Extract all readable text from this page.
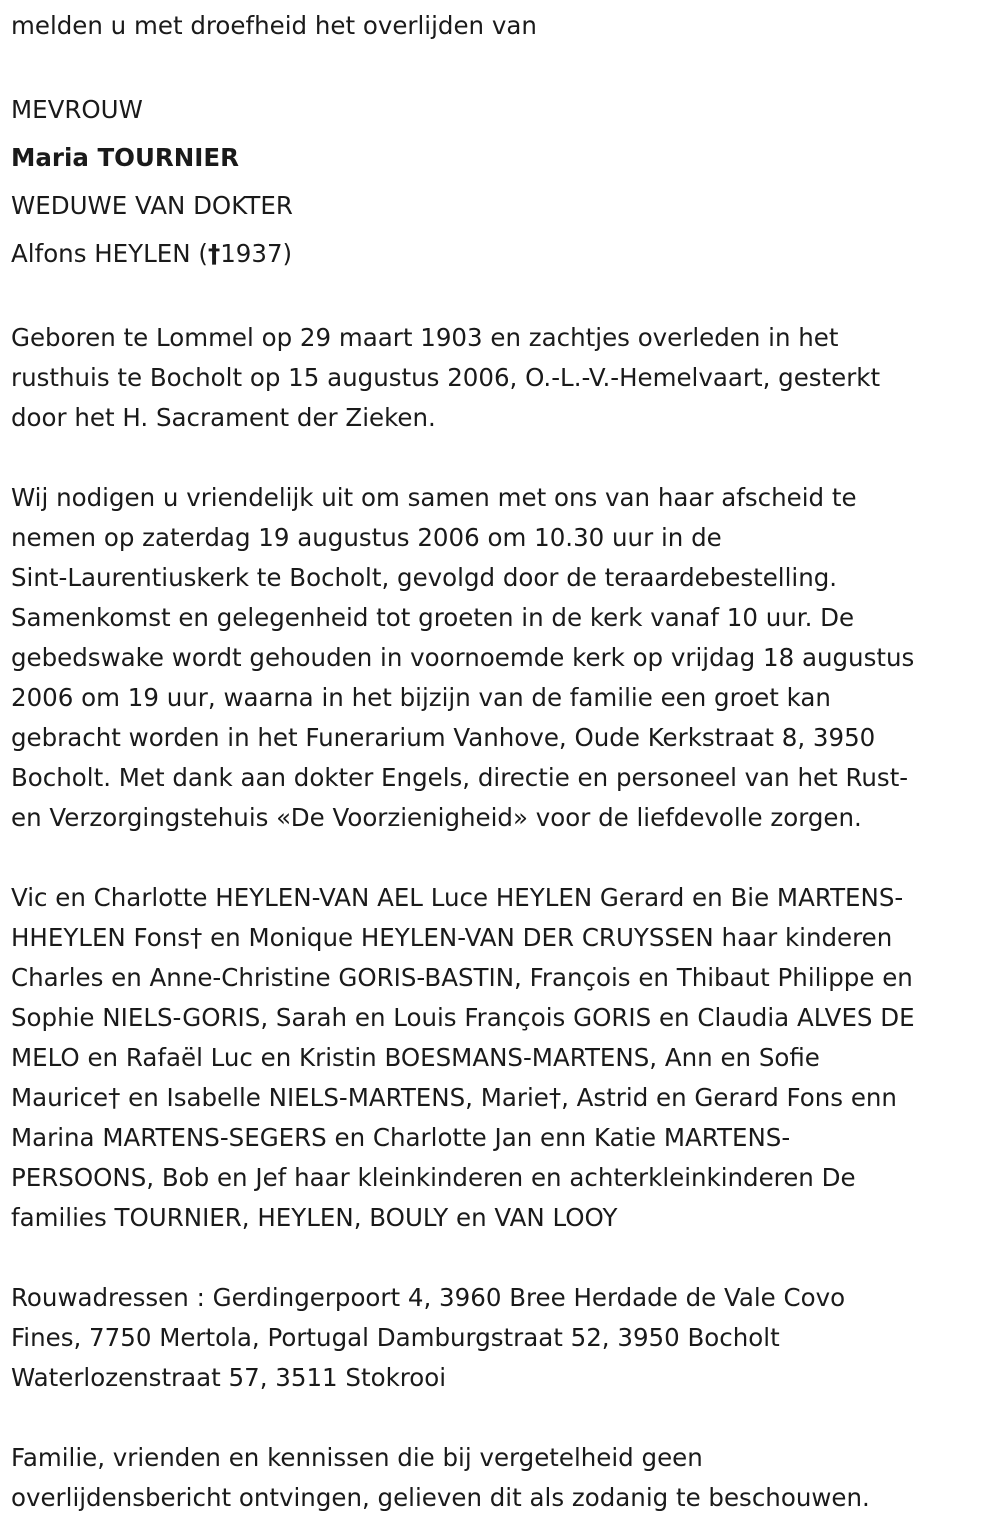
melden u met droefheid het overlijden van
MEVROUW
Maria TOURNIER
WEDUWE VAN DOKTER
Alfons HEYLEN (†1937)
Geboren te Lommel op 29 maart 1903 en zachtjes overleden in het
rusthuis te Bocholt op 15 augustus 2006, O.-L.-V.-Hemelvaart, gesterkt
door het H. Sacrament der Zieken.
Wij nodigen u vriendelijk uit om samen met ons van haar afscheid te
nemen op zaterdag 19 augustus 2006 om 10.30 uur in de
Sint-Laurentiuskerk te Bocholt, gevolgd door de teraardebestelling.
Samenkomst en gelegenheid tot groeten in de kerk vanaf 10 uur. De
gebedswake wordt gehouden in voornoemde kerk op vrijdag 18 augustus
2006 om 19 uur, waarna in het bijzijn van de familie een groet kan
gebracht worden in het Funerarium Vanhove, Oude Kerkstraat 8, 3950
Bocholt. Met dank aan dokter Engels, directie en personeel van het Rust-
en Verzorgingstehuis «De Voorzienigheid» voor de liefdevolle zorgen.
Vic en Charlotte HEYLEN-VAN AEL Luce HEYLEN Gerard en Bie MARTENS-
HHEYLEN Fons† en Monique HEYLEN-VAN DER CRUYSSEN haar kinderen
Charles en Anne-Christine GORIS-BASTIN, François en Thibaut Philippe en
Sophie NIELS-GORIS, Sarah en Louis François GORIS en Claudia ALVES DE
MELO en Rafaël Luc en Kristin BOESMANS-MARTENS, Ann en Sofie
Maurice† en Isabelle NIELS-MARTENS, Marie†, Astrid en Gerard Fons enn
Marina MARTENS-SEGERS en Charlotte Jan enn Katie MARTENS-
PERSOONS, Bob en Jef haar kleinkinderen en achterkleinkinderen De
families TOURNIER, HEYLEN, BOULY en VAN LOOY
Rouwadressen : Gerdingerpoort 4, 3960 Bree Herdade de Vale Covo
Fines, 7750 Mertola, Portugal Damburgstraat 52, 3950 Bocholt
Waterlozenstraat 57, 3511 Stokrooi
Familie, vrienden en kennissen die bij vergetelheid geen
overlijdensbericht ontvingen, gelieven dit als zodanig te beschouwen.
